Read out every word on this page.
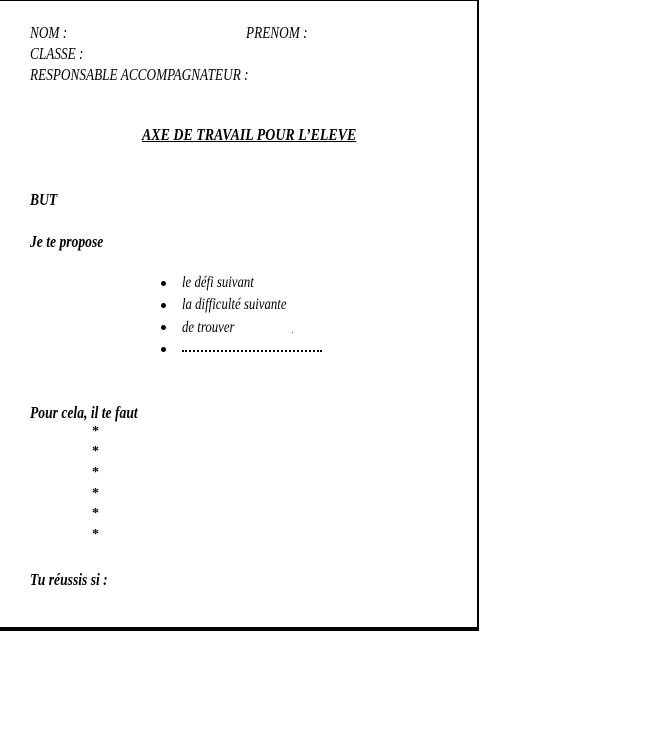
NOM :	PRENOM :
CLASSE :
RESPONSABLE ACCOMPAGNATEUR :
AXE DE TRAVAIL POUR L’ELEVE
BUT
Je te propose
le défi suivant
la difficulté suivante
de trouver
Pour cela, il te faut
*
*
*
*
*
*
Tu réussis si :
